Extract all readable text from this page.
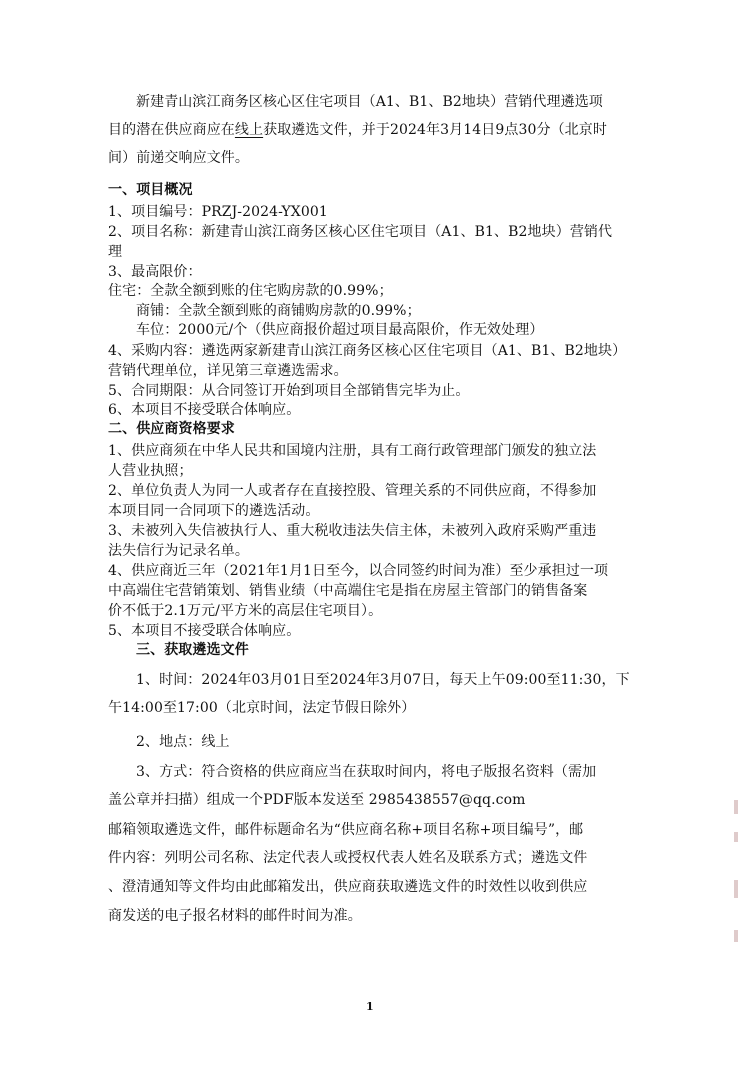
新建青山滨江商务区核心区住宅项目（A1、B1、B2地块）营销代理遴选项
目的潜在供应商应在线上获取遴选文件，并于2024年3月14日9点30分（北京时
间）前递交响应文件。
一、项目概况
1、项目编号：PRZJ-2024-YX001
2、项目名称：新建青山滨江商务区核心区住宅项目（A1、B1、B2地块）营销代
理
3、最高限价：
住宅：全款全额到账的住宅购房款的0.99%；
商铺：全款全额到账的商铺购房款的0.99%；
车位：2000元/个（供应商报价超过项目最高限价，作无效处理）
4、采购内容：遴选两家新建青山滨江商务区核心区住宅项目（A1、B1、B2地块）
营销代理单位，详见第三章遴选需求。
5、合同期限：从合同签订开始到项目全部销售完毕为止。
6、本项目不接受联合体响应。
二、供应商资格要求
1、供应商须在中华人民共和国境内注册，具有工商行政管理部门颁发的独立法
人营业执照；
2、单位负责人为同一人或者存在直接控股、管理关系的不同供应商，不得参加
本项目同一合同项下的遴选活动。
3、未被列入失信被执行人、重大税收违法失信主体，未被列入政府采购严重违
法失信行为记录名单。
4、供应商近三年（2021年1月1日至今，以合同签约时间为准）至少承担过一项
中高端住宅营销策划、销售业绩（中高端住宅是指在房屋主管部门的销售备案
价不低于2.1万元/平方米的高层住宅项目）。
5、本项目不接受联合体响应。
三、获取遴选文件
1、时间：2024年03月01日至2024年3月07日，每天上午09:00至11:30，下
午14:00至17:00（北京时间，法定节假日除外）
2、地点：线上
3、方式：符合资格的供应商应当在获取时间内，将电子版报名资料（需加
盖公章并扫描）组成一个PDF版本发送至 2985438557@qq.com
邮箱领取遴选文件，邮件标题命名为“供应商名称+项目名称+项目编号”，邮
件内容：列明公司名称、法定代表人或授权代表人姓名及联系方式；遴选文件
、澄清通知等文件均由此邮箱发出，供应商获取遴选文件的时效性以收到供应
商发送的电子报名材料的邮件时间为准。
1
